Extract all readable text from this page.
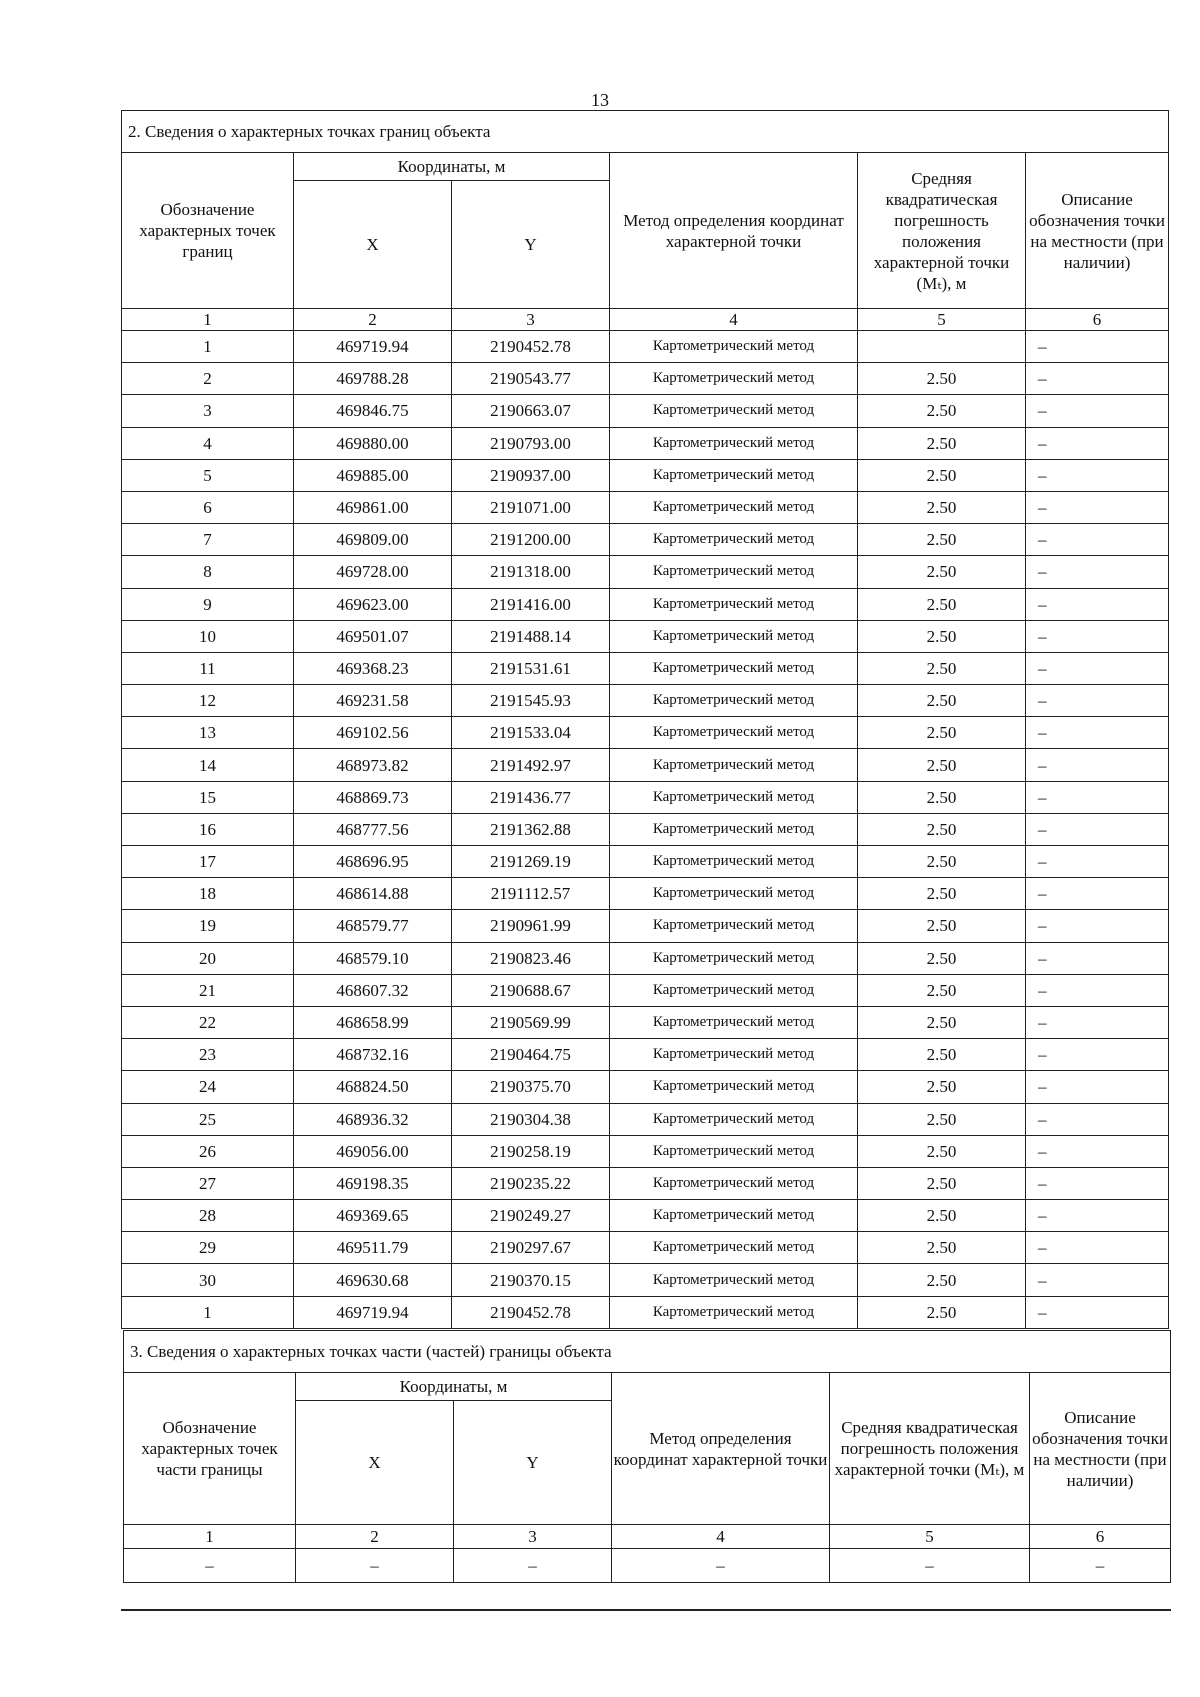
13
2. Сведения о характерных точках границ объекта					
Обозначение характерных точек границ	Координаты, м		Метод определения координат характерной точки	Средняя квадратическая погрешность положения характерной точки (Mₜ), м	Описание обозначения точки на местности (при наличии)
	X	Y			
1	2	3	4	5	6
1	469719.94	2190452.78	Картометрический метод		–
2	469788.28	2190543.77	Картометрический метод	2.50	–
3	469846.75	2190663.07	Картометрический метод	2.50	–
4	469880.00	2190793.00	Картометрический метод	2.50	–
5	469885.00	2190937.00	Картометрический метод	2.50	–
6	469861.00	2191071.00	Картометрический метод	2.50	–
7	469809.00	2191200.00	Картометрический метод	2.50	–
8	469728.00	2191318.00	Картометрический метод	2.50	–
9	469623.00	2191416.00	Картометрический метод	2.50	–
10	469501.07	2191488.14	Картометрический метод	2.50	–
11	469368.23	2191531.61	Картометрический метод	2.50	–
12	469231.58	2191545.93	Картометрический метод	2.50	–
13	469102.56	2191533.04	Картометрический метод	2.50	–
14	468973.82	2191492.97	Картометрический метод	2.50	–
15	468869.73	2191436.77	Картометрический метод	2.50	–
16	468777.56	2191362.88	Картометрический метод	2.50	–
17	468696.95	2191269.19	Картометрический метод	2.50	–
18	468614.88	2191112.57	Картометрический метод	2.50	–
19	468579.77	2190961.99	Картометрический метод	2.50	–
20	468579.10	2190823.46	Картометрический метод	2.50	–
21	468607.32	2190688.67	Картометрический метод	2.50	–
22	468658.99	2190569.99	Картометрический метод	2.50	–
23	468732.16	2190464.75	Картометрический метод	2.50	–
24	468824.50	2190375.70	Картометрический метод	2.50	–
25	468936.32	2190304.38	Картометрический метод	2.50	–
26	469056.00	2190258.19	Картометрический метод	2.50	–
27	469198.35	2190235.22	Картометрический метод	2.50	–
28	469369.65	2190249.27	Картометрический метод	2.50	–
29	469511.79	2190297.67	Картометрический метод	2.50	–
30	469630.68	2190370.15	Картометрический метод	2.50	–
1	469719.94	2190452.78	Картометрический метод	2.50	–
3. Сведения о характерных точках части (частей) границы объекта					
Обозначение характерных точек части границы	Координаты, м		Метод определения координат характерной точки	Средняя квадратическая погрешность положения характерной точки (Mₜ), м	Описание обозначения точки на местности (при наличии)
	X	Y			
1	2	3	4	5	6
–	–	–	–	–	–
